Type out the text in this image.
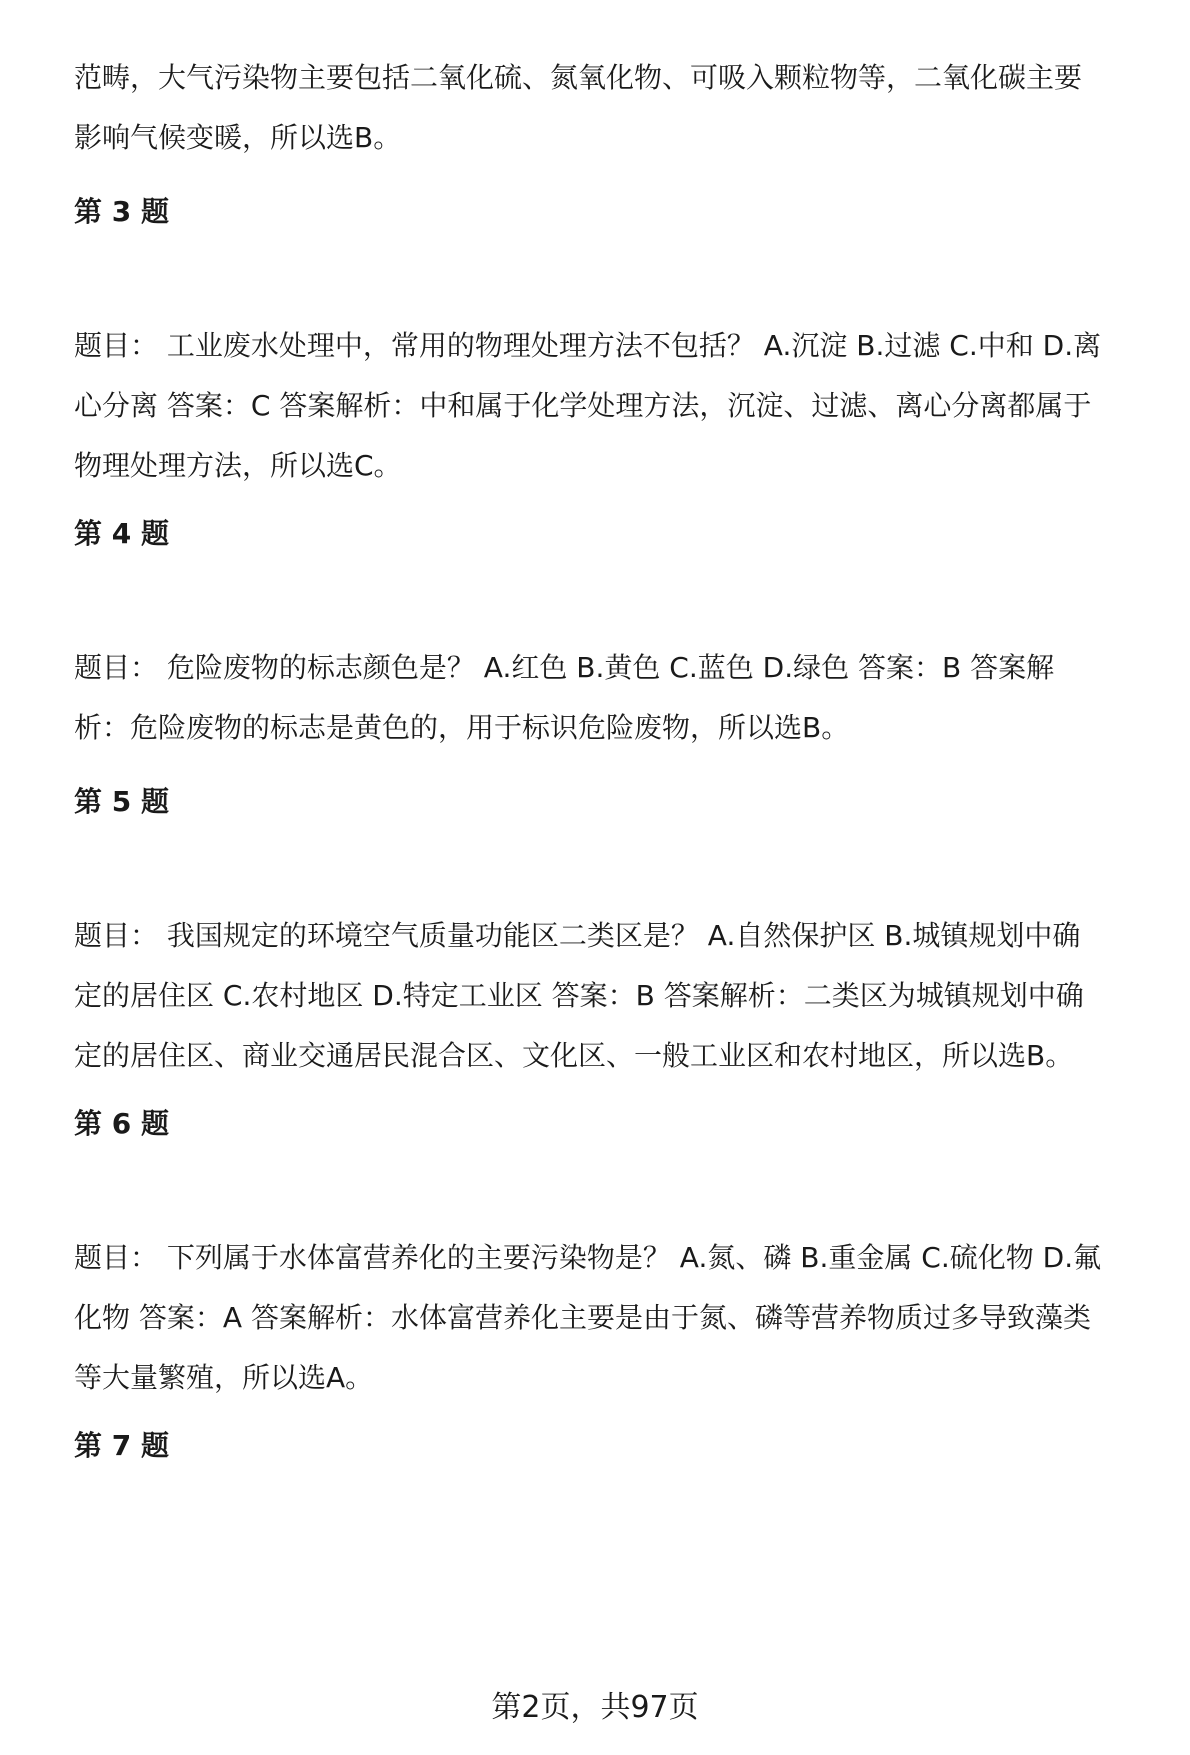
范畴，大气污染物主要包括二氧化硫、氮氧化物、可吸入颗粒物等，二氧化碳主要
影响气候变暖，所以选B。
第 3 题
题目： 工业废水处理中，常用的物理处理方法不包括？ A.沉淀 B.过滤 C.中和 D.离
心分离 答案：C 答案解析：中和属于化学处理方法，沉淀、过滤、离心分离都属于
物理处理方法，所以选C。
第 4 题
题目： 危险废物的标志颜色是？ A.红色 B.黄色 C.蓝色 D.绿色 答案：B 答案解
析：危险废物的标志是黄色的，用于标识危险废物，所以选B。
第 5 题
题目： 我国规定的环境空气质量功能区二类区是？ A.自然保护区 B.城镇规划中确
定的居住区 C.农村地区 D.特定工业区 答案：B 答案解析：二类区为城镇规划中确
定的居住区、商业交通居民混合区、文化区、一般工业区和农村地区，所以选B。
第 6 题
题目： 下列属于水体富营养化的主要污染物是？ A.氮、磷 B.重金属 C.硫化物 D.氟
化物 答案：A 答案解析：水体富营养化主要是由于氮、磷等营养物质过多导致藻类
等大量繁殖，所以选A。
第 7 题
第2页，共97页
